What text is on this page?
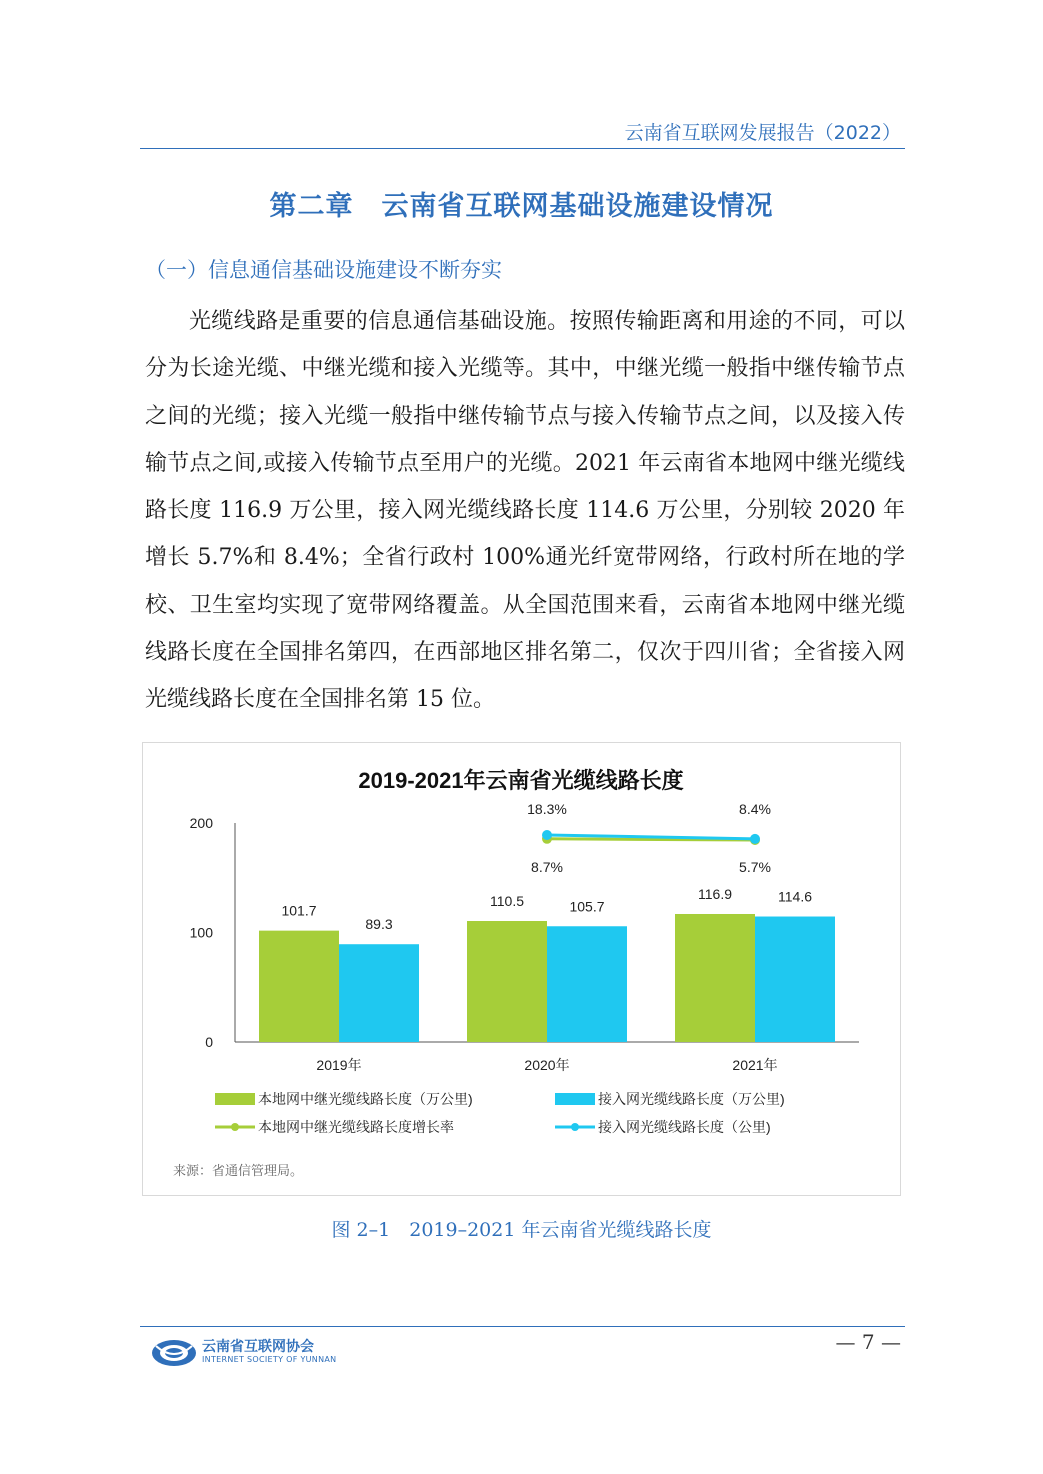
云南省互联网发展报告（2022）
第二章　云南省互联网基础设施建设情况
（一）信息通信基础设施建设不断夯实

光缆线路是重要的信息通信基础设施。按照传输距离和用途的不同，可以分为长途光缆、中继光缆和接入光缆等。其中，中继光缆一般指中继传输节点之间的光缆；接入光缆一般指中继传输节点与接入传输节点之间，以及接入传输节点之间,或接入传输节点至用户的光缆。2021 年云南省本地网中继光缆线路长度 116.9 万公里，接入网光缆线路长度 114.6 万公里，分别较 2020 年增长 5.7%和 8.4%；全省行政村 100%通光纤宽带网络，行政村所在地的学校、卫生室均实现了宽带网络覆盖。从全国范围来看，云南省本地网中继光缆线路长度在全国排名第四，在西部地区排名第二，仅次于四川省；全省接入网光缆线路长度在全国排名第 15 位。

2019-2021年云南省光缆线路长度
0
100
200
101.7
110.5	116.9
89.3
105.7
114.6
2019年	2020年	2021年
8.7%	5.7%
18.3%	8.4%
本地网中继光缆线路长度（万公里)	接入网光缆线路长度（万公里)
本地网中继光缆线路长度增长率	接入网光缆线路长度（公里)
来源：省通信管理局。
图 2–1　2019–2021 年云南省光缆线路长度
云南省互联网协会
INTERNET SOCIETY OF YUNNAN
— 7 —
